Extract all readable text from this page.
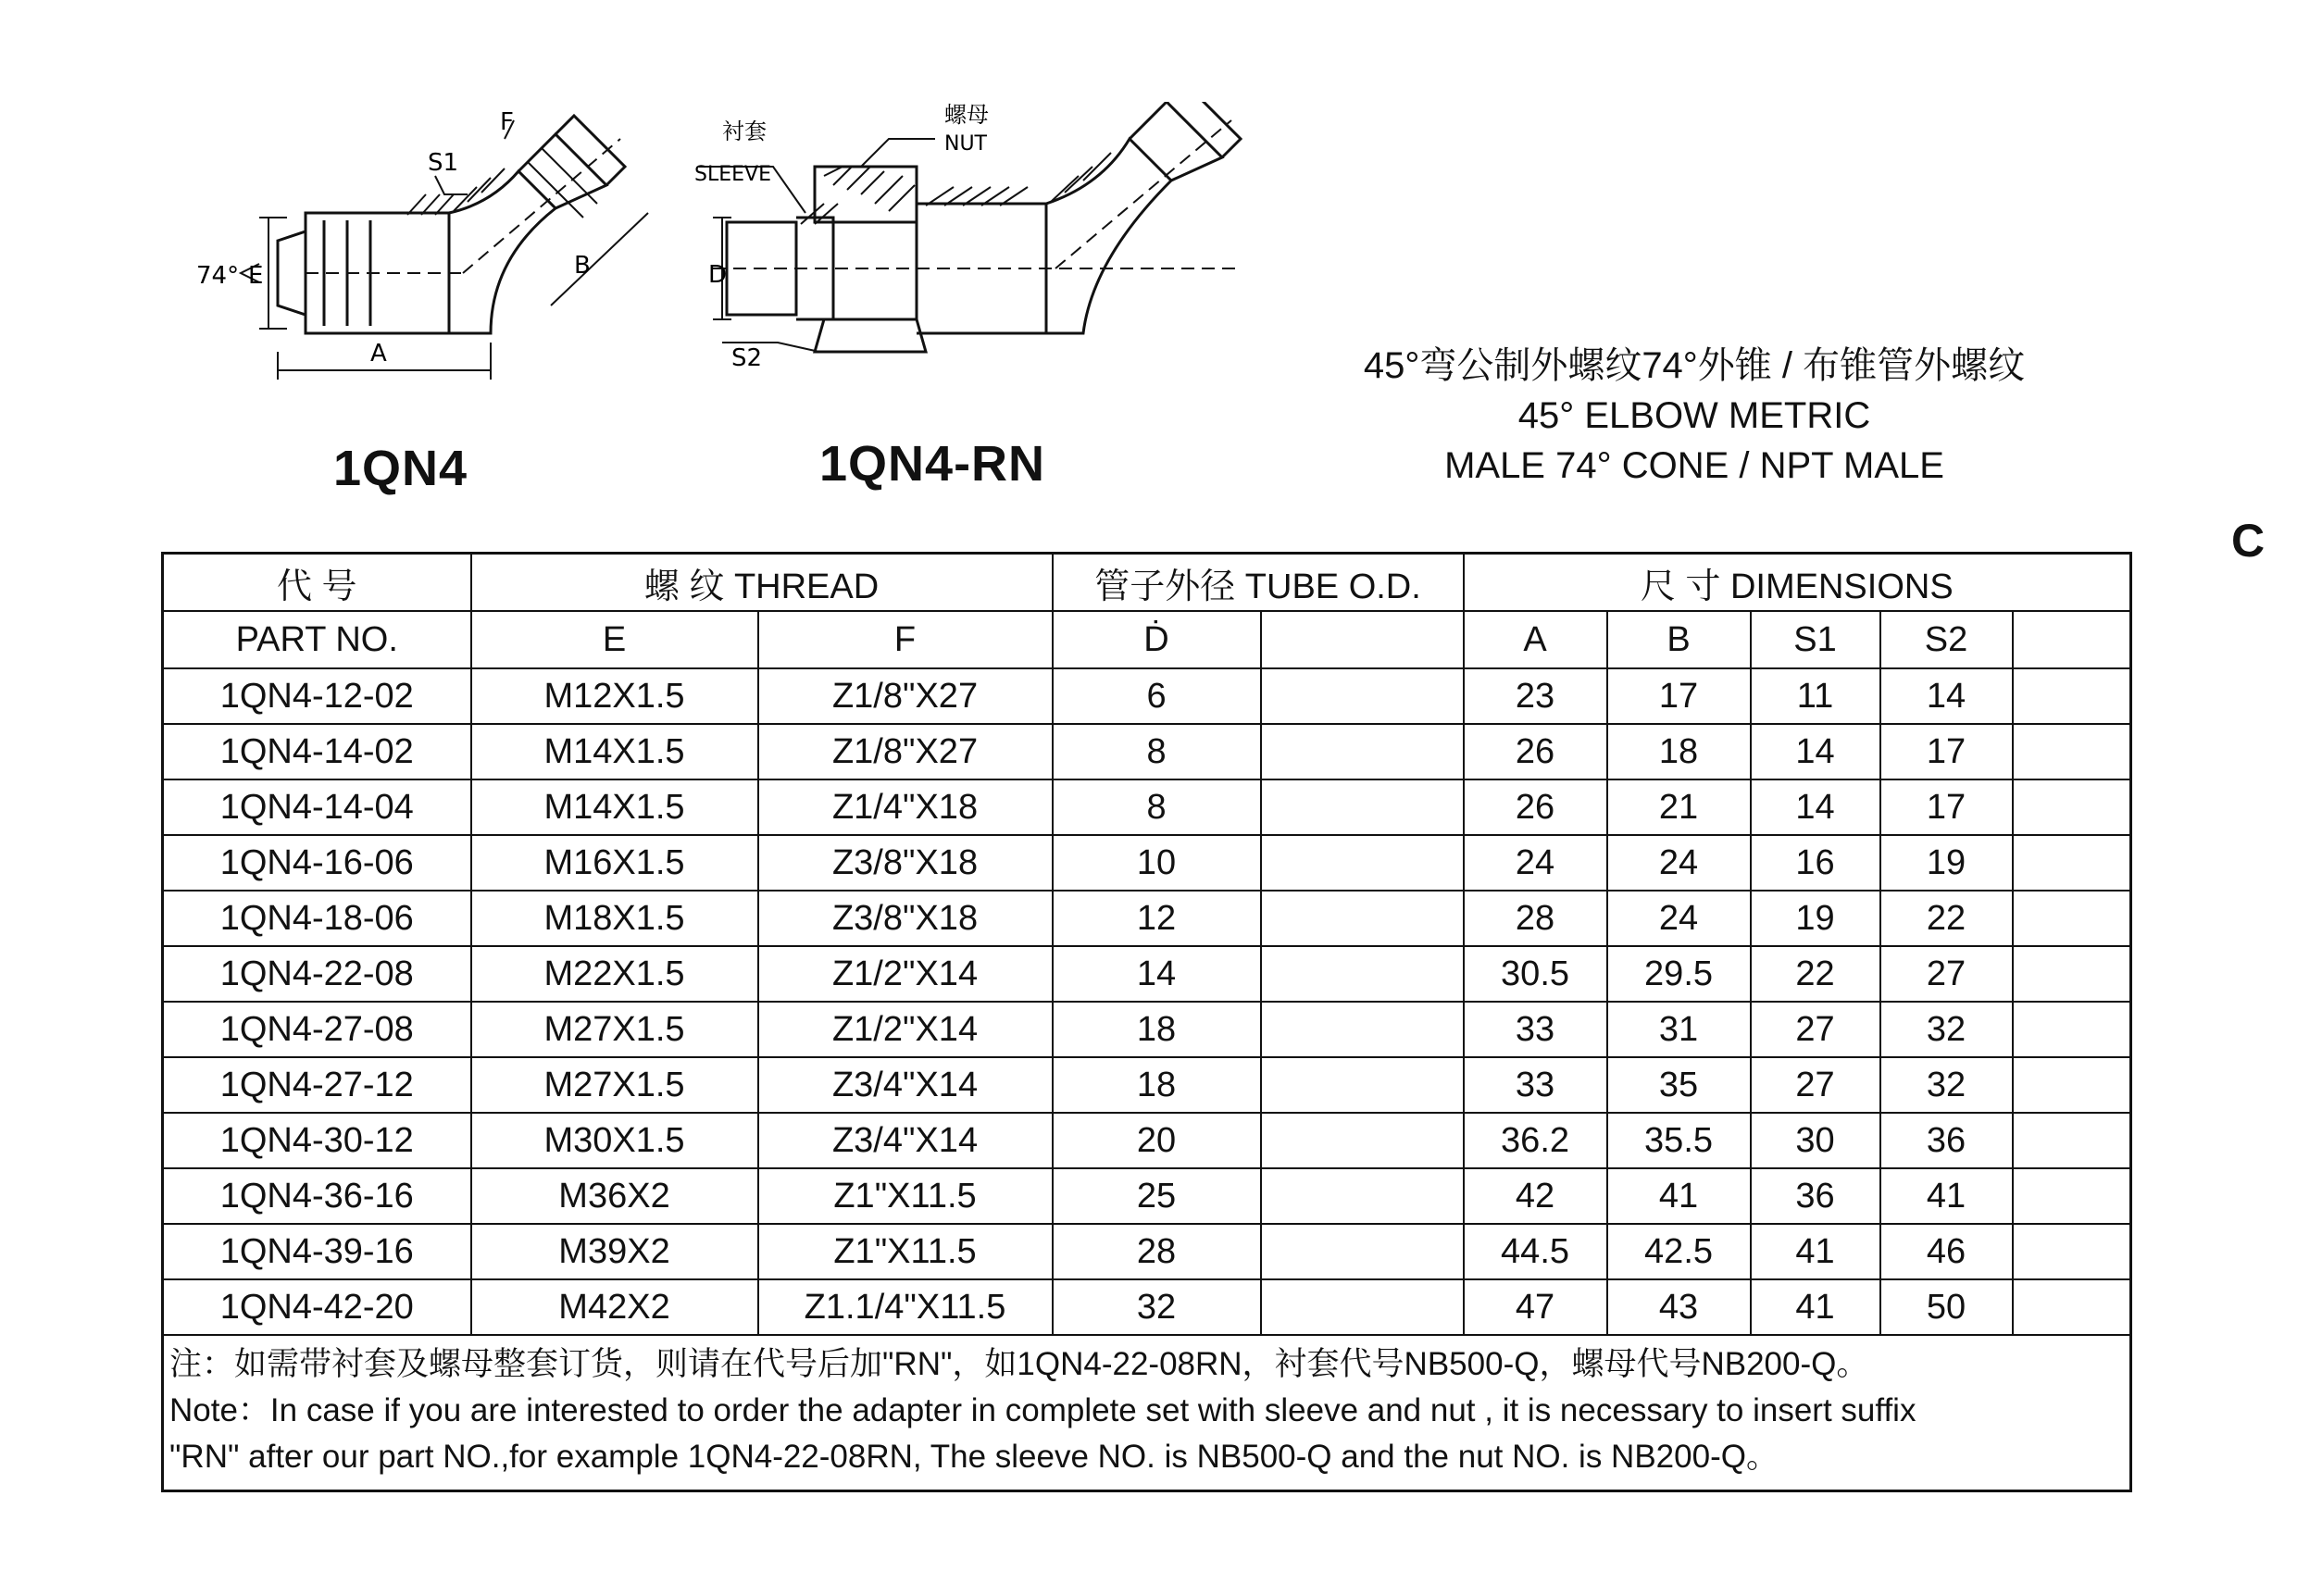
A
B
E
F
S1
74°	D
衬套
SLEEVE
螺母
NUT
S2
1QN4	1QN4-RN
45°弯公制外螺纹74°外锥 / 布锥管外螺纹
45° ELBOW METRIC
MALE 74° CONE / NPT MALE
C
代 号	螺 纹 THREAD		管子外径 TUBE O.D.		尺 寸 DIMENSIONS				
PART NO.	E	F	Ḋ		A	B	S1	S2	
1QN4-12-02	M12X1.5	Z1/8"X27	6		23	17	11	14	
1QN4-14-02	M14X1.5	Z1/8"X27	8		26	18	14	17	
1QN4-14-04	M14X1.5	Z1/4"X18	8		26	21	14	17	
1QN4-16-06	M16X1.5	Z3/8"X18	10		24	24	16	19	
1QN4-18-06	M18X1.5	Z3/8"X18	12		28	24	19	22	
1QN4-22-08	M22X1.5	Z1/2"X14	14		30.5	29.5	22	27	
1QN4-27-08	M27X1.5	Z1/2"X14	18		33	31	27	32	
1QN4-27-12	M27X1.5	Z3/4"X14	18		33	35	27	32	
1QN4-30-12	M30X1.5	Z3/4"X14	20		36.2	35.5	30	36	
1QN4-36-16	M36X2	Z1"X11.5	25		42	41	36	41	
1QN4-39-16	M39X2	Z1"X11.5	28		44.5	42.5	41	46	
1QN4-42-20	M42X2	Z1.1/4"X11.5	32		47	43	41	50	

注：如需带衬套及螺母整套订货，则请在代号后加"RN"，如1QN4-22-08RN，衬套代号NB500-Q，螺母代号NB200-Q。
Note：In case if you are interested to order the adapter in complete set with sleeve and nut , it is necessary to insert suffix
"RN" after our part NO.,for example 1QN4-22-08RN, The sleeve NO. is NB500-Q and the nut NO. is NB200-Q。									
